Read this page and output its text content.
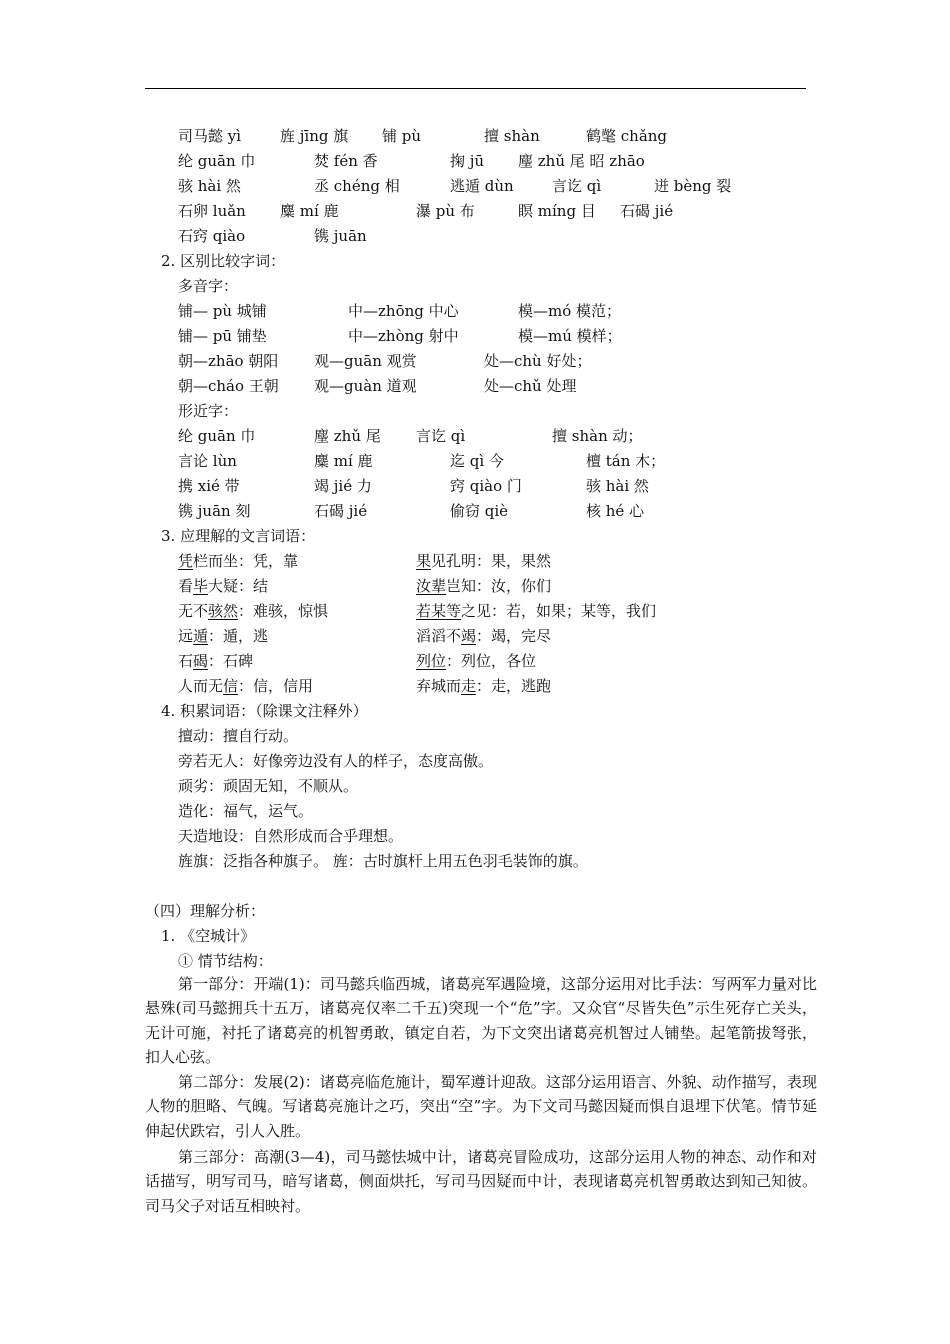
司马懿 yì	旌 jīng 旗 铺 pù	擅 shàn	鹤氅 chǎng
纶 guān 巾	焚 fén 香	掬 jū 麈 zhǔ 尾 昭 zhāo
骇 hài 然	丞 chéng 相	逃遁 dùn	言讫 qì	迸 bèng 裂
石卵 luǎn 麋 mí 鹿	瀑 pù 布	瞑 míng 目 石碣 jié
石窍 qiào	镌 juān
2. 区别比较字词：
多音字：
铺— pù 城铺	中—zhōng 中心	模—mó 模范；
铺— pū 铺垫	中—zhòng 射中	模—mú 模样；
朝—zhāo 朝阳 观—guān 观赏	处—chù 好处；
朝—cháo 王朝 观—guàn 道观	处—chǔ 处理
形近字：
纶 guān 巾	麈 zhǔ 尾 言讫 qì	擅 shàn 动；
言论 lùn	麋 mí 鹿	迄 qì 今	檀 tán 木；
携 xié 带	竭 jié 力	窍 qiào 门	骇 hài 然
镌 juān 刻	石碣 jié	偷窃 qiè	核 hé 心
3. 应理解的文言词语：
凭栏而坐：凭，靠	果见孔明：果，果然
看毕大疑：结	汝辈岂知：汝，你们
无不骇然：难骇，惊惧	若某等之见：若，如果；某等，我们
远遁：遁，逃	滔滔不竭：竭，完尽
石碣：石碑	列位：列位，各位
人而无信：信，信用	弃城而走：走，逃跑
4. 积累词语：（除课文注释外）
擅动：擅自行动。
旁若无人：好像旁边没有人的样子，态度高傲。
顽劣：顽固无知，不顺从。
造化：福气，运气。
天造地设：自然形成而合乎理想。
旌旗：泛指各种旗子。 旌：古时旗杆上用五色羽毛装饰的旗。
（四）理解分析：
1. 《空城计》
① 情节结构：
第一部分：开端(1)：司马懿兵临西城，诸葛亮军遇险境，这部分运用对比手法：写两军力量对比悬殊(司马懿拥兵十五万，诸葛亮仅率二千五)突现一个“危”字。又众官“尽皆失色”示生死存亡关头，无计可施，衬托了诸葛亮的机智勇敢，镇定自若，为下文突出诸葛亮机智过人铺垫。起笔箭拔弩张，扣人心弦。
第二部分：发展(2)：诸葛亮临危施计，蜀军遵计迎敌。这部分运用语言、外貌、动作描写，表现人物的胆略、气魄。写诸葛亮施计之巧，突出“空”字。为下文司马懿因疑而惧自退埋下伏笔。情节延伸起伏跌宕，引人入胜。
第三部分：高潮(3—4)，司马懿怯城中计，诸葛亮冒险成功，这部分运用人物的神态、动作和对话描写，明写司马，暗写诸葛，侧面烘托，写司马因疑而中计，表现诸葛亮机智勇敢达到知己知彼。司马父子对话互相映衬。
